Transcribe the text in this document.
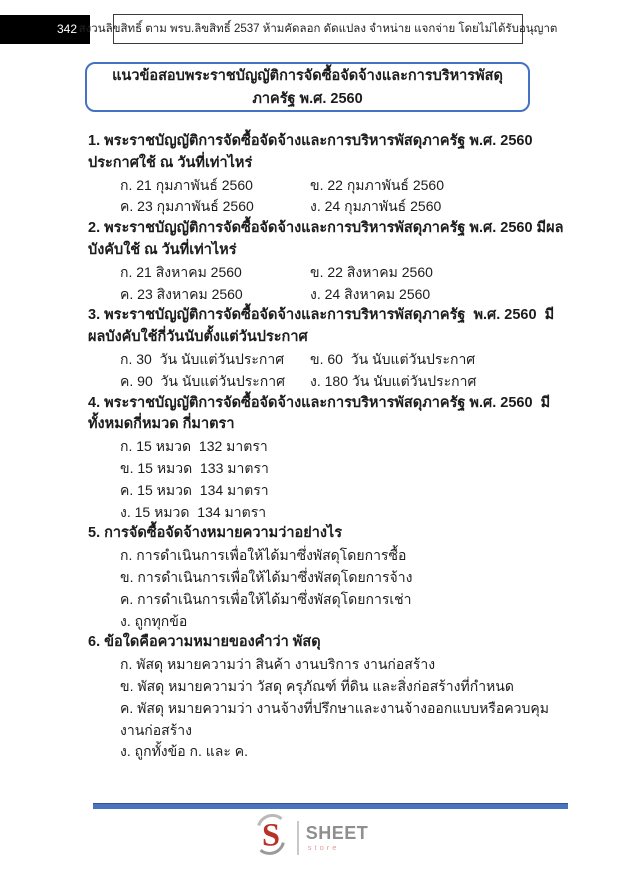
342 สงวนลิขสิทธิ์ ตาม พรบ.ลิขสิทธิ์ 2537 ห้ามคัดลอก ดัดแปลง จำหน่าย แจกจ่าย โดยไม่ได้รับอนุญาต
แนวข้อสอบพระราชบัญญัติการจัดซื้อจัดจ้างและการบริหารพัสดุภาครัฐ พ.ศ. 2560
1. พระราชบัญญัติการจัดซื้อจัดจ้างและการบริหารพัสดุภาครัฐ พ.ศ. 2560 ประกาศใช้ ณ วันที่เท่าไหร่
ก. 21 กุมภาพันธ์ 2560	ข. 22 กุมภาพันธ์ 2560
ค. 23 กุมภาพันธ์ 2560	ง. 24 กุมภาพันธ์ 2560
2. พระราชบัญญัติการจัดซื้อจัดจ้างและการบริหารพัสดุภาครัฐ พ.ศ. 2560 มีผลบังคับใช้ ณ วันที่เท่าไหร่
ก. 21 สิงหาคม 2560	ข. 22 สิงหาคม 2560
ค. 23 สิงหาคม 2560	ง. 24 สิงหาคม 2560
3. พระราชบัญญัติการจัดซื้อจัดจ้างและการบริหารพัสดุภาครัฐ  พ.ศ. 2560  มีผลบังคับใช้กี่วันนับตั้งแต่วันประกาศ
ก. 30  วัน นับแต่วันประกาศ	ข. 60  วัน นับแต่วันประกาศ
ค. 90  วัน นับแต่วันประกาศ	ง. 180 วัน นับแต่วันประกาศ
4. พระราชบัญญัติการจัดซื้อจัดจ้างและการบริหารพัสดุภาครัฐ พ.ศ. 2560  มีทั้งหมดกี่หมวด กี่มาตรา
ก. 15 หมวด  132 มาตรา
ข. 15 หมวด  133 มาตรา
ค. 15 หมวด  134 มาตรา
ง. 15 หมวด  134 มาตรา
5. การจัดซื้อจัดจ้างหมายความว่าอย่างไร
ก. การดำเนินการเพื่อให้ได้มาซึ่งพัสดุโดยการซื้อ
ข. การดำเนินการเพื่อให้ได้มาซึ่งพัสดุโดยการจ้าง
ค. การดำเนินการเพื่อให้ได้มาซึ่งพัสดุโดยการเช่า
ง. ถูกทุกข้อ
6. ข้อใดคือความหมายของคำว่า พัสดุ
ก. พัสดุ หมายความว่า สินค้า งานบริการ งานก่อสร้าง
ข. พัสดุ หมายความว่า วัสดุ ครุภัณฑ์ ที่ดิน และสิ่งก่อสร้างที่กำหนด
ค. พัสดุ หมายความว่า งานจ้างที่ปรึกษาและงานจ้างออกแบบหรือควบคุมงานก่อสร้าง
ง. ถูกทั้งข้อ ก. และ ค.
S SHEET
store
